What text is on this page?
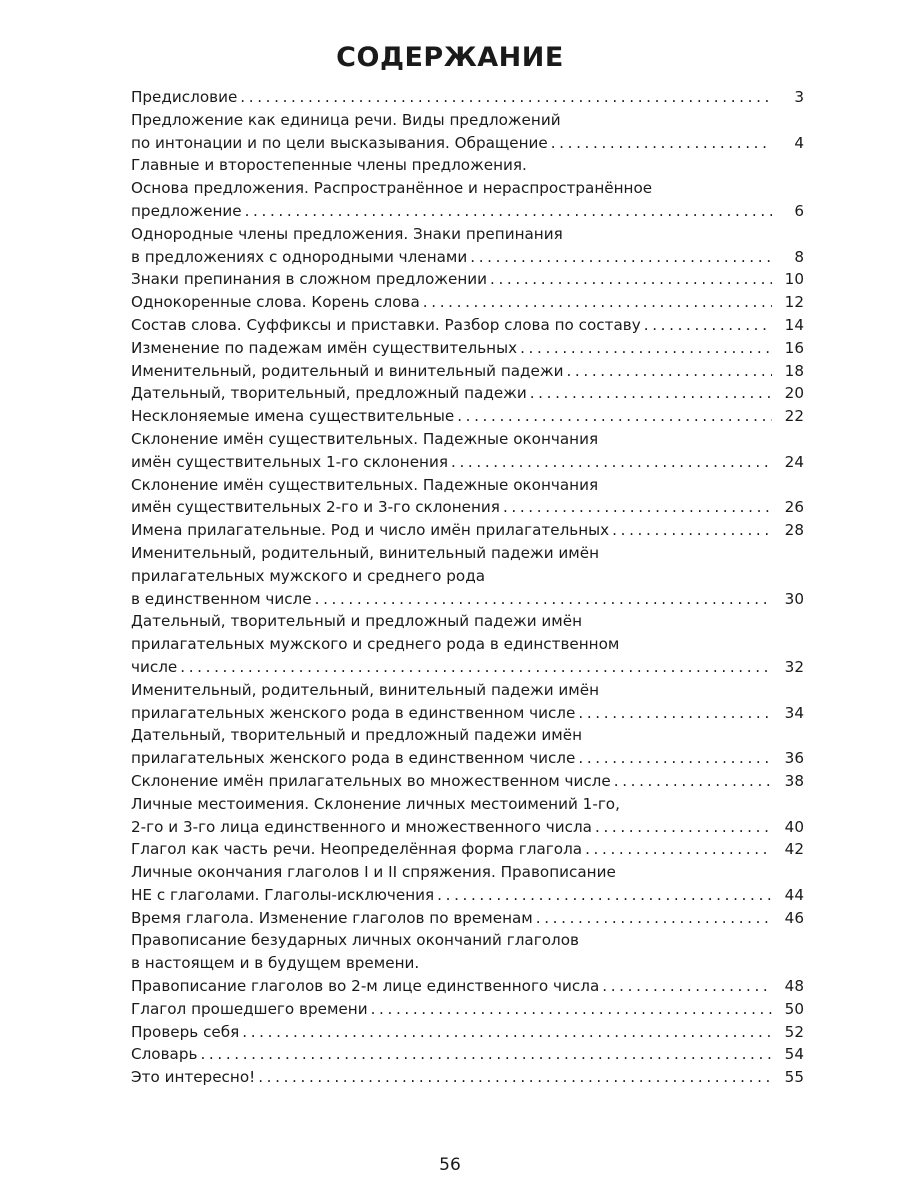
СОДЕРЖАНИЕ
Предисловие . . .	3
Предложение как единица речи. Виды предложений
по интонации и по цели высказывания. Обращение . . .	4
Главные и второстепенные члены предложения.
Основа предложения. Распространённое и нераспространённое
предложение . . .	6
Однородные члены предложения. Знаки препинания
в предложениях с однородными членами . . .	8
Знаки препинания в сложном предложении . . .	10
Однокоренные слова. Корень слова . . .	12
Состав слова. Суффиксы и приставки. Разбор слова по составу . . .	14
Изменение по падежам имён существительных . . .	16
Именительный, родительный и винительный падежи . . .	18
Дательный, творительный, предложный падежи . . .	20
Несклоняемые имена существительные . . .	22
Склонение имён существительных. Падежные окончания
имён существительных 1-го склонения . . .	24
Склонение имён существительных. Падежные окончания
имён существительных 2-го и 3-го склонения . . .	26
Имена прилагательные. Род и число имён прилагательных . . .	28
Именительный, родительный, винительный падежи имён
прилагательных мужского и среднего рода
в единственном числе . . .	30
Дательный, творительный и предложный падежи имён
прилагательных мужского и среднего рода в единственном
числе . . .	32
Именительный, родительный, винительный падежи имён
прилагательных женского рода в единственном числе . . .	34
Дательный, творительный и предложный падежи имён
прилагательных женского рода в единственном числе . . .	36
Склонение имён прилагательных во множественном числе . . .	38
Личные местоимения. Склонение личных местоимений 1-го,
2-го и 3-го лица единственного и множественного числа . . .	40
Глагол как часть речи. Неопределённая форма глагола . . .	42
Личные окончания глаголов I и II спряжения. Правописание
НЕ с глаголами. Глаголы-исключения . . .	44
Время глагола. Изменение глаголов по временам . . .	46
Правописание безударных личных окончаний глаголов
в настоящем и в будущем времени.
Правописание глаголов во 2-м лице единственного числа . . .	48
Глагол прошедшего времени . . .	50
Проверь себя . . .	52
Словарь . . .	54
Это интересно! . . .	55
56
